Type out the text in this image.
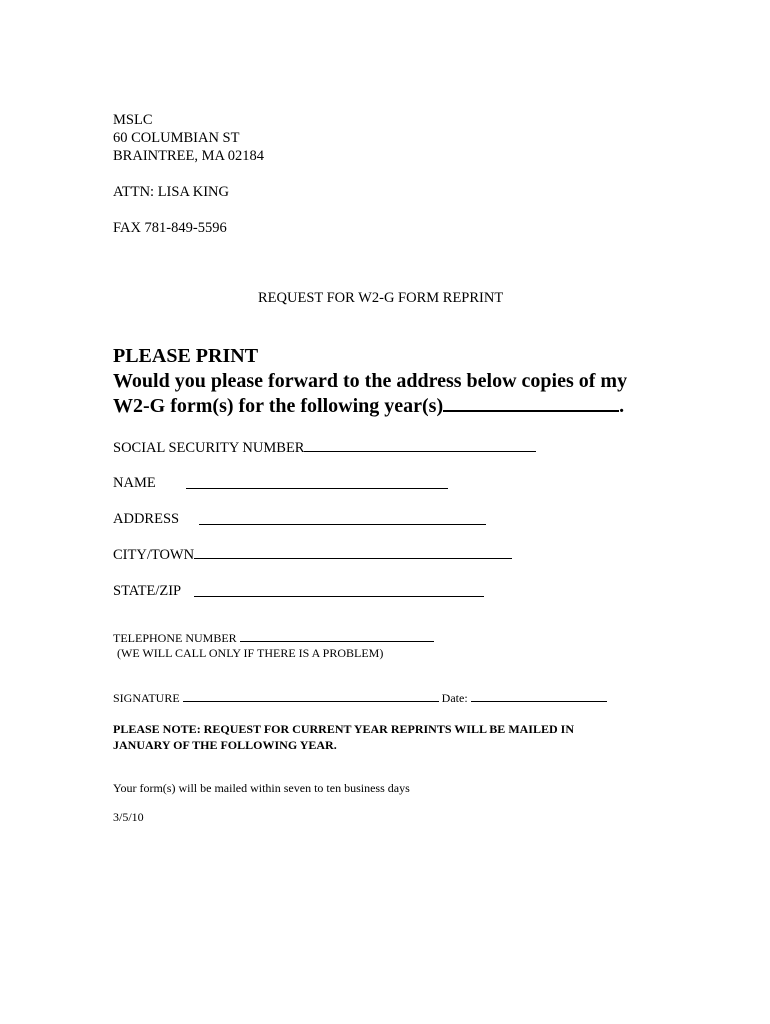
MSLC
60 COLUMBIAN ST
BRAINTREE, MA 02184
ATTN: LISA KING
FAX 781-849-5596
REQUEST FOR W2-G FORM REPRINT
PLEASE PRINT
Would you please forward to the address below copies of my
W2-G form(s) for the following year(s)	.
SOCIAL SECURITY NUMBER
NAME
ADDRESS
CITY/TOWN
STATE/ZIP
TELEPHONE NUMBER
(WE WILL CALL ONLY IF THERE IS A PROBLEM)
SIGNATURE	Date:
PLEASE NOTE: REQUEST FOR CURRENT YEAR REPRINTS WILL BE MAILED IN
JANUARY OF THE FOLLOWING YEAR.
Your form(s) will be mailed within seven to ten business days
3/5/10
